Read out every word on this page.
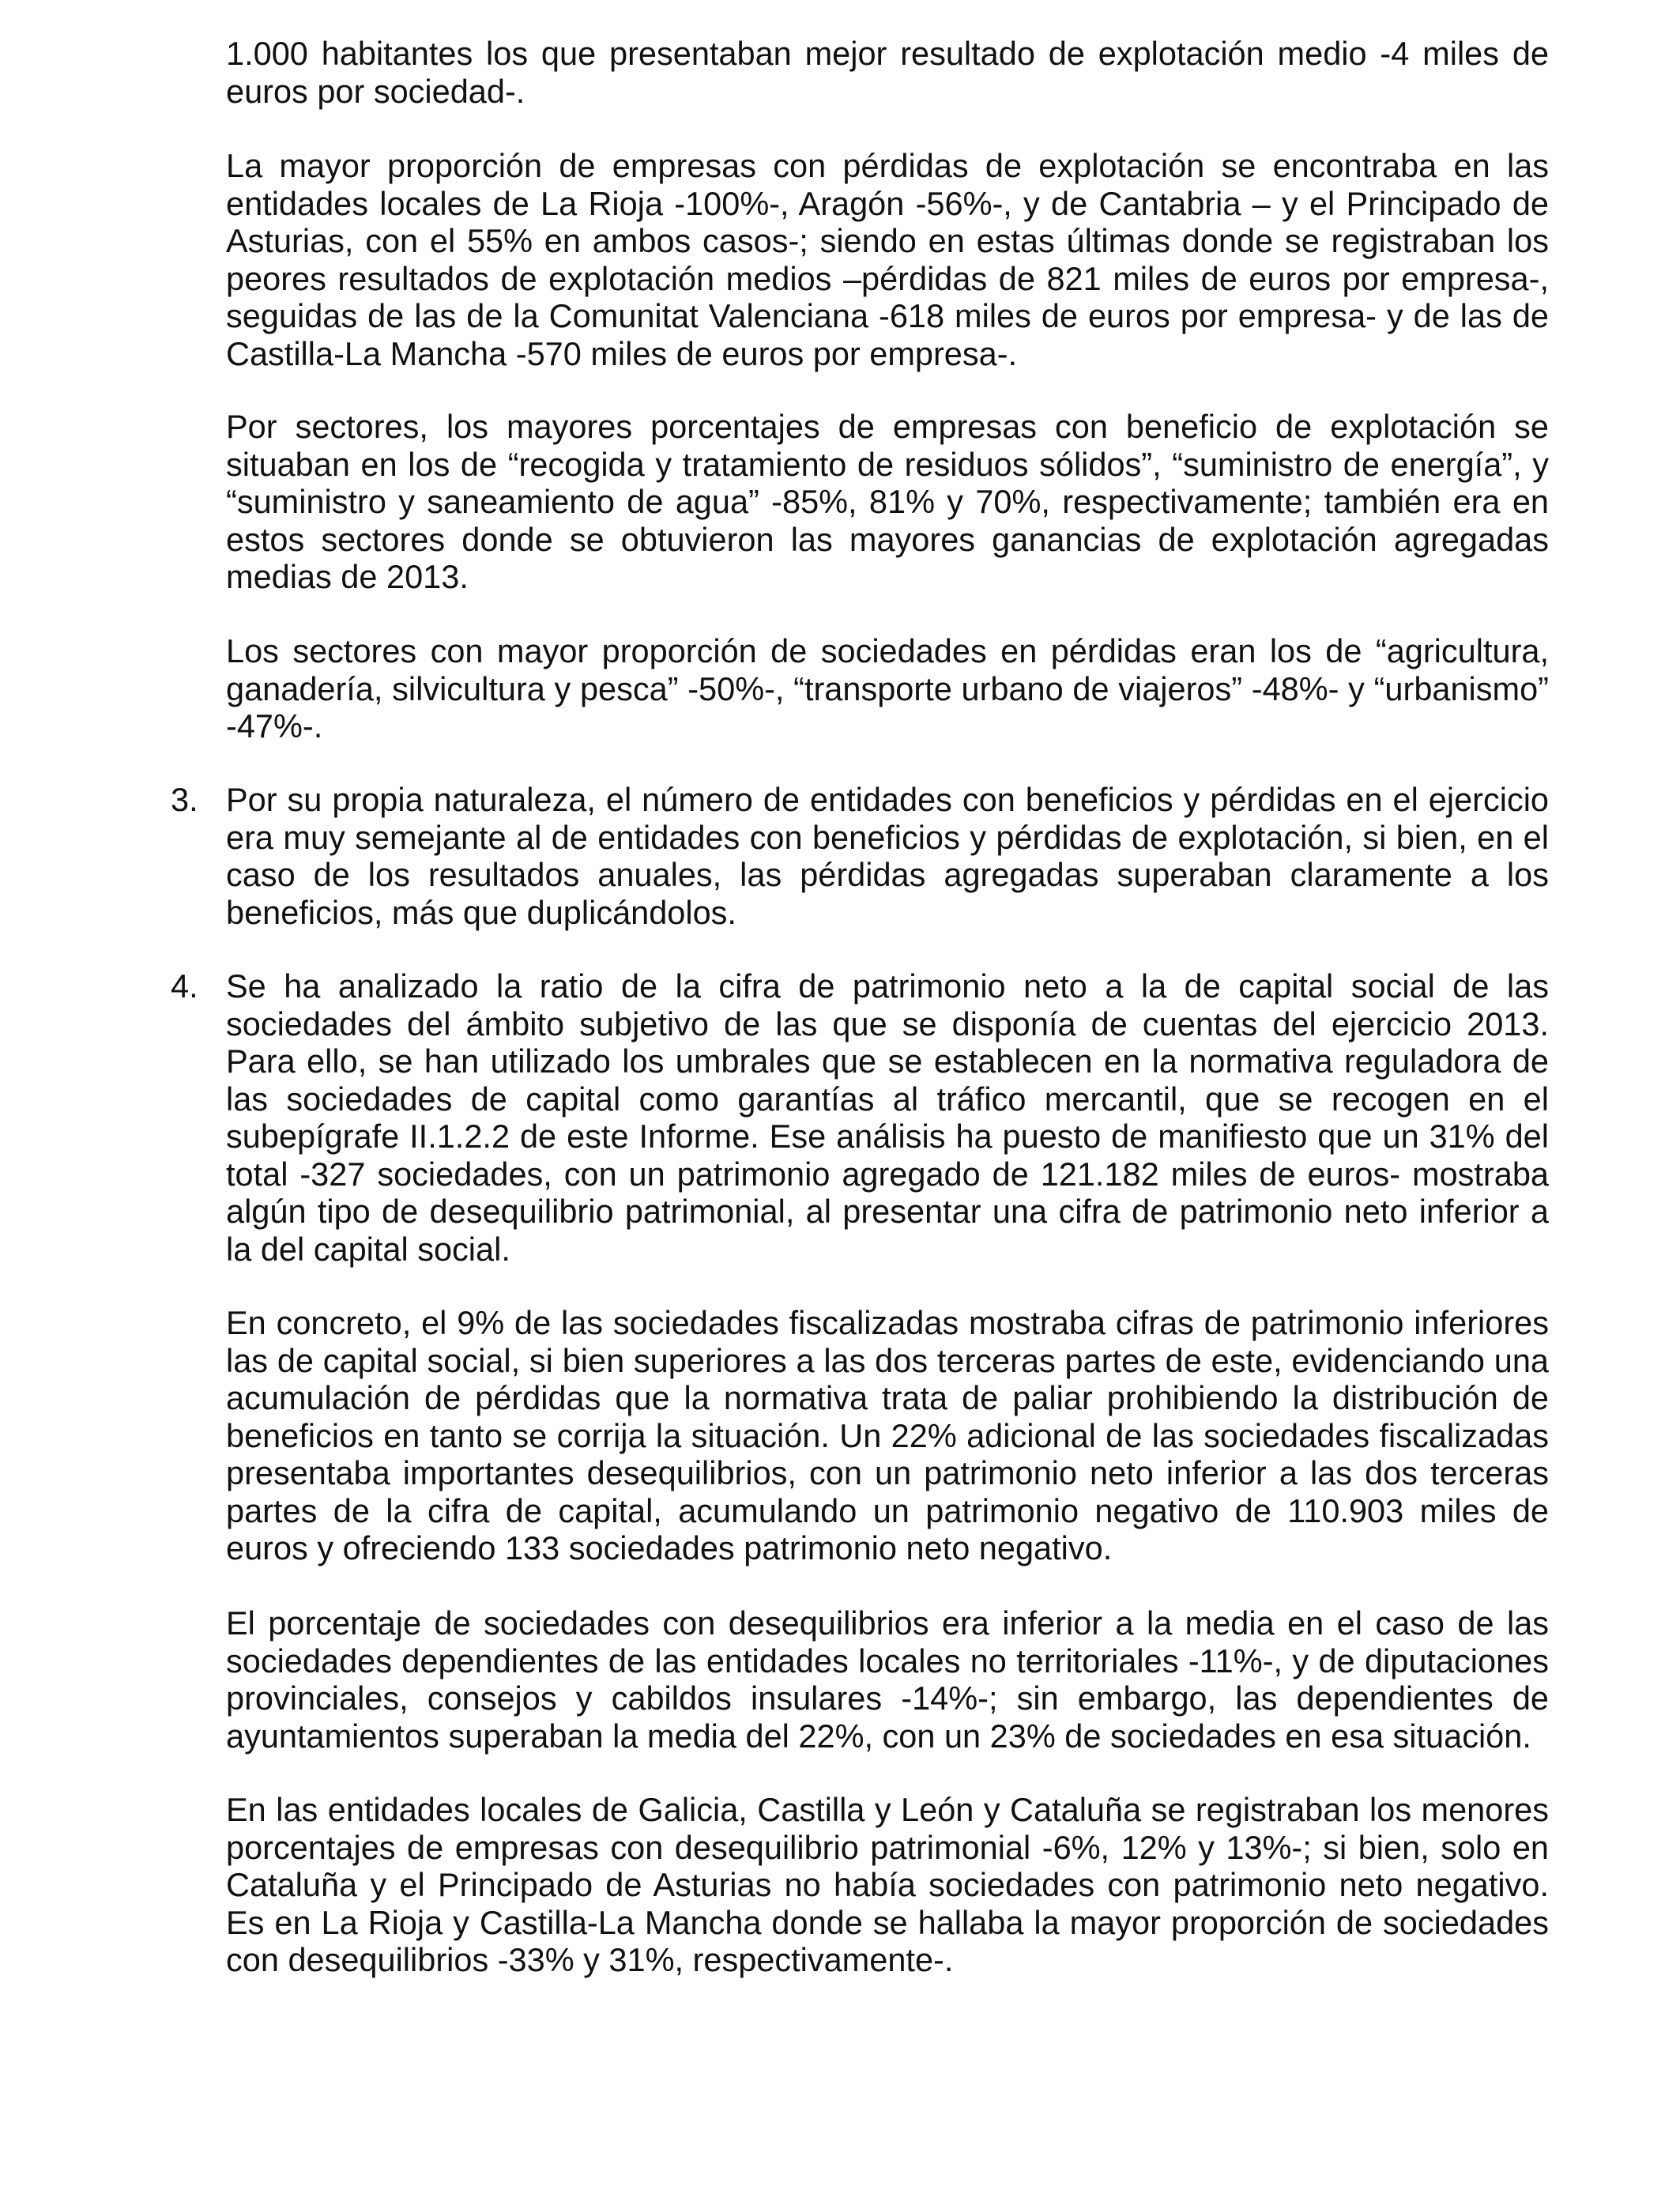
1.000 habitantes los que presentaban mejor resultado de explotación medio -4 miles de euros por sociedad-.

La mayor proporción de empresas con pérdidas de explotación se encontraba en las entidades locales de La Rioja -100%-, Aragón -56%-, y de Cantabria – y el Principado de Asturias, con el 55% en ambos casos-; siendo en estas últimas donde se registraban los peores resultados de explotación medios –pérdidas de 821 miles de euros por empresa-, seguidas de las de la Comunitat Valenciana -618 miles de euros por empresa- y de las de Castilla-La Mancha -570 miles de euros por empresa-.

Por sectores, los mayores porcentajes de empresas con beneficio de explotación se situaban en los de “recogida y tratamiento de residuos sólidos”, “suministro de energía”, y “suministro y saneamiento de agua” -85%, 81% y 70%, respectivamente; también era en estos sectores donde se obtuvieron las mayores ganancias de explotación agregadas medias de 2013.

Los sectores con mayor proporción de sociedades en pérdidas eran los de “agricultura, ganadería, silvicultura y pesca” -50%-, “transporte urbano de viajeros” -48%- y “urbanismo” -47%-.

3. Por su propia naturaleza, el número de entidades con beneficios y pérdidas en el ejercicio era muy semejante al de entidades con beneficios y pérdidas de explotación, si bien, en el caso de los resultados anuales, las pérdidas agregadas superaban claramente a los beneficios, más que duplicándolos.

4. Se ha analizado la ratio de la cifra de patrimonio neto a la de capital social de las sociedades del ámbito subjetivo de las que se disponía de cuentas del ejercicio 2013. Para ello, se han utilizado los umbrales que se establecen en la normativa reguladora de las sociedades de capital como garantías al tráfico mercantil, que se recogen en el subepígrafe II.1.2.2 de este Informe. Ese análisis ha puesto de manifiesto que un 31% del total -327 sociedades, con un patrimonio agregado de 121.182 miles de euros- mostraba algún tipo de desequilibrio patrimonial, al presentar una cifra de patrimonio neto inferior a la del capital social.

En concreto, el 9% de las sociedades fiscalizadas mostraba cifras de patrimonio inferiores las de capital social, si bien superiores a las dos terceras partes de este, evidenciando una acumulación de pérdidas que la normativa trata de paliar prohibiendo la distribución de beneficios en tanto se corrija la situación. Un 22% adicional de las sociedades fiscalizadas presentaba importantes desequilibrios, con un patrimonio neto inferior a las dos terceras partes de la cifra de capital, acumulando un patrimonio negativo de 110.903 miles de euros y ofreciendo 133 sociedades patrimonio neto negativo.

El porcentaje de sociedades con desequilibrios era inferior a la media en el caso de las sociedades dependientes de las entidades locales no territoriales -11%-, y de diputaciones provinciales, consejos y cabildos insulares -14%-; sin embargo, las dependientes de ayuntamientos superaban la media del 22%, con un 23% de sociedades en esa situación.

En las entidades locales de Galicia, Castilla y León y Cataluña se registraban los menores porcentajes de empresas con desequilibrio patrimonial -6%, 12% y 13%-; si bien, solo en Cataluña y el Principado de Asturias no había sociedades con patrimonio neto negativo. Es en La Rioja y Castilla-La Mancha donde se hallaba la mayor proporción de sociedades con desequilibrios -33% y 31%, respectivamente-.
